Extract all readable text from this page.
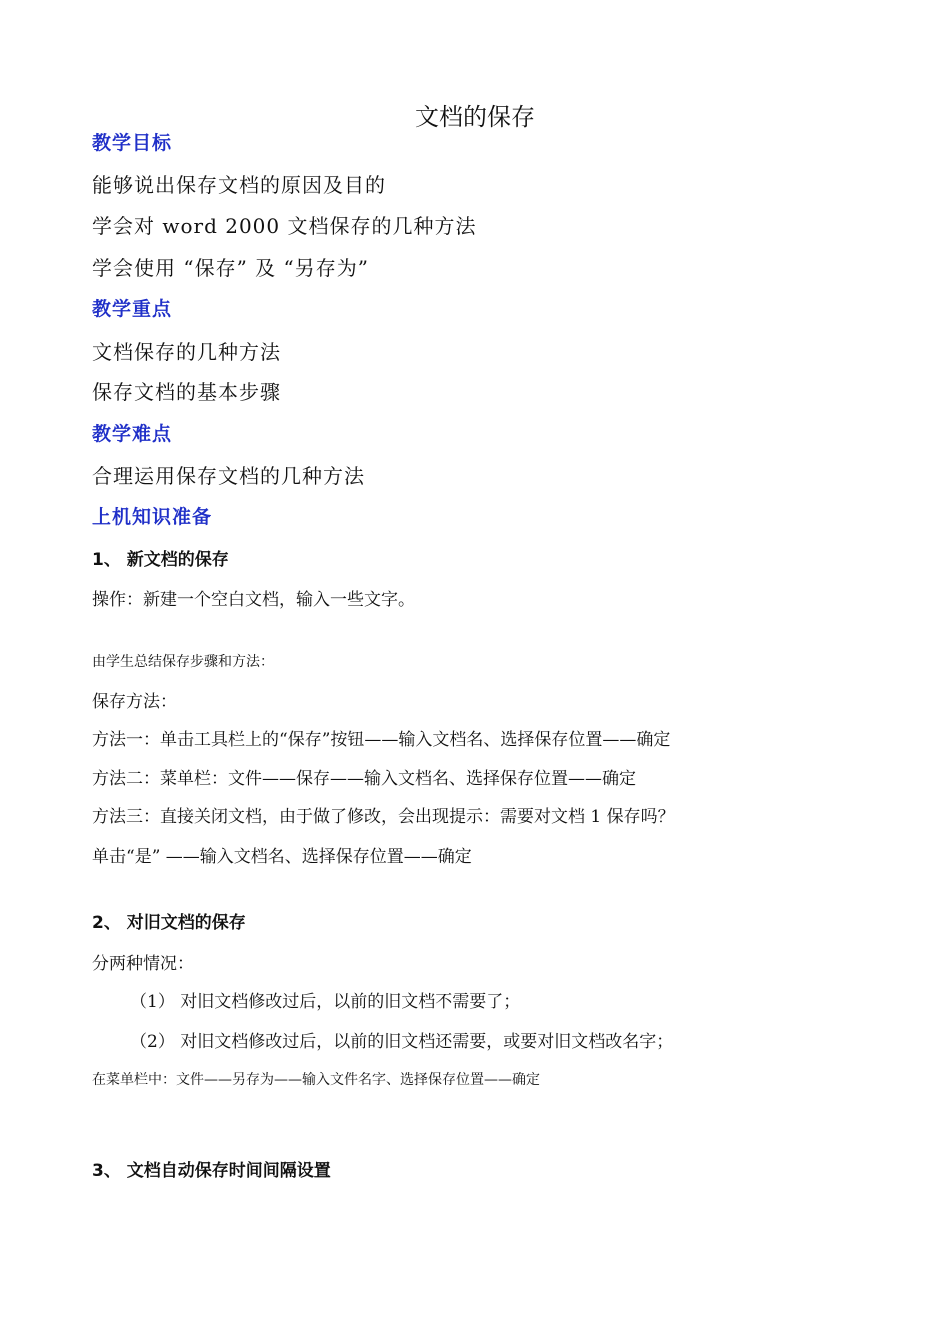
文档的保存
教学目标
能够说出保存文档的原因及目的
学会对 word 2000 文档保存的几种方法
学会使用 “保存” 及 “另存为”
教学重点
文档保存的几种方法
保存文档的基本步骤
教学难点
合理运用保存文档的几种方法
上机知识准备
1、 新文档的保存
操作：新建一个空白文档，输入一些文字。
由学生总结保存步骤和方法：
保存方法：
方法一：单击工具栏上的“保存”按钮——输入文档名、选择保存位置——确定
方法二：菜单栏：文件——保存——输入文档名、选择保存位置——确定
方法三：直接关闭文档，由于做了修改，会出现提示：需要对文档 1 保存吗？
单击“是” ——输入文档名、选择保存位置——确定
2、 对旧文档的保存
分两种情况：
（1） 对旧文档修改过后，以前的旧文档不需要了；
（2） 对旧文档修改过后，以前的旧文档还需要，或要对旧文档改名字；
在菜单栏中：文件——另存为——输入文件名字、选择保存位置——确定
3、 文档自动保存时间间隔设置
